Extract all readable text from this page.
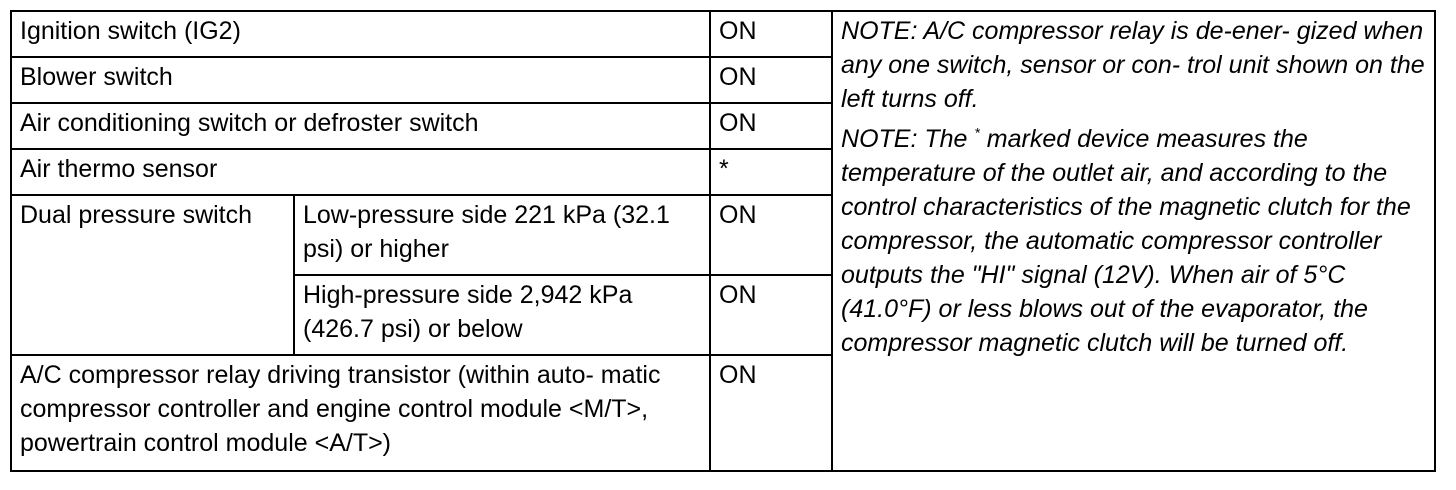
Ignition switch (IG2)		ON	NOTE: A/C compressor relay is de-ener- gized when any one switch, sensor or con- trol unit shown on the left turns off.

NOTE: The * marked device measures the temperature of the outlet air, and according to the control characteristics of the magnetic clutch for the compressor, the automatic compressor controller outputs the "HI" signal (12V). When air of 5°C (41.0°F) or less blows out of the evaporator, the compressor magnetic clutch will be turned off.

Blower switch		ON	
Air conditioning switch or defroster switch		ON	
Air thermo sensor		*	
Dual pressure switch	Low-pressure side 221 kPa (32.1 psi) or higher	ON	
	High-pressure side 2,942 kPa (426.7 psi) or below	ON	
A/C compressor relay driving transistor (within auto- matic compressor controller and engine control module <M/T>, powertrain control module <A/T>)		ON	
